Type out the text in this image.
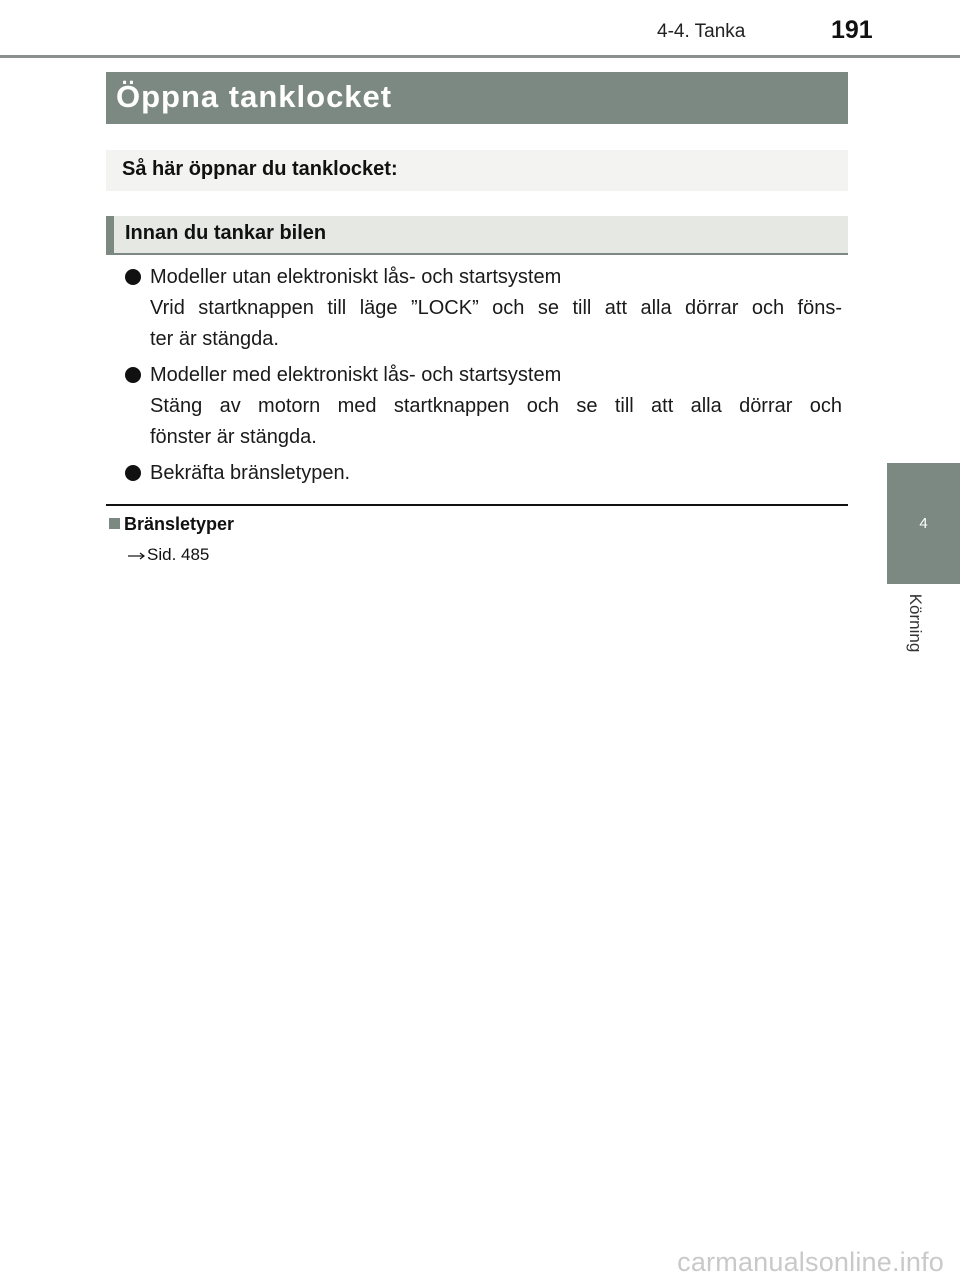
4-4. Tanka	191
4
Körning
Öppna tanklocket
Så här öppnar du tanklocket:
Innan du tankar bilen
Modeller utan elektroniskt lås- och startsystem
Vrid startknappen till läge ”LOCK” och se till att alla dörrar och föns-
ter är stängda.
Modeller med elektroniskt lås- och startsystem
Stäng av motorn med startknappen och se till att alla dörrar och
fönster är stängda.
Bekräfta bränsletypen.
Bränsletyper
Sid. 485
carmanualsonline.info
